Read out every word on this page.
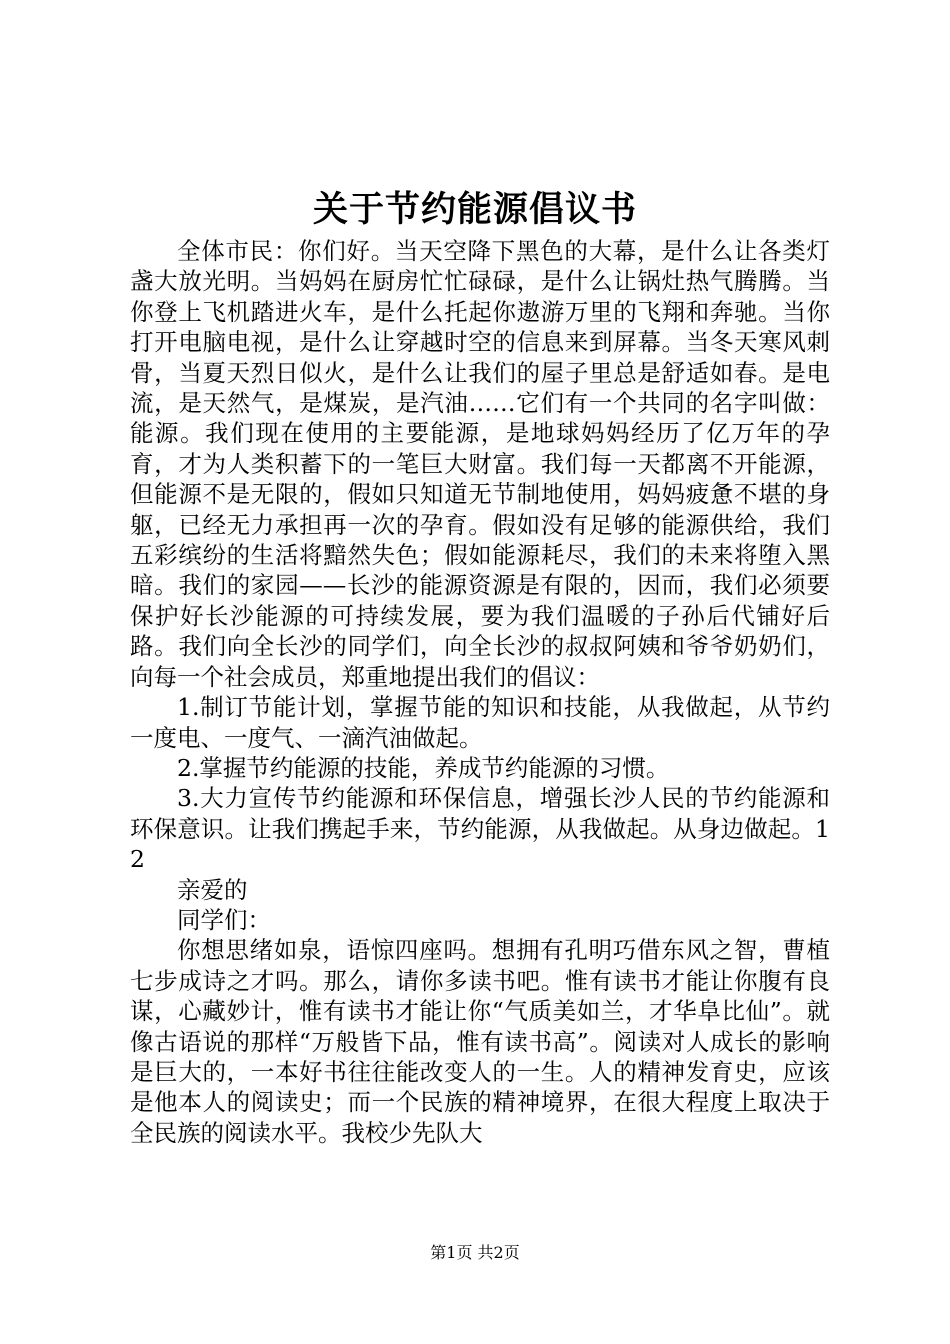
关于节约能源倡议书

全体市民：你们好。当天空降下黑色的大幕，是什么让各类灯盏大放光明。当妈妈在厨房忙忙碌碌，是什么让锅灶热气腾腾。当你登上飞机踏进火车，是什么托起你遨游万里的飞翔和奔驰。当你打开电脑电视，是什么让穿越时空的信息来到屏幕。当冬天寒风刺骨，当夏天烈日似火，是什么让我们的屋子里总是舒适如春。是电流，是天然气，是煤炭，是汽油……它们有一个共同的名字叫做：能源。我们现在使用的主要能源，是地球妈妈经历了亿万年的孕育，才为人类积蓄下的一笔巨大财富。我们每一天都离不开能源，但能源不是无限的，假如只知道无节制地使用，妈妈疲惫不堪的身躯，已经无力承担再一次的孕育。假如没有足够的能源供给，我们五彩缤纷的生活将黯然失色；假如能源耗尽，我们的未来将堕入黑暗。我们的家园——长沙的能源资源是有限的，因而，我们必须要保护好长沙能源的可持续发展，要为我们温暖的子孙后代铺好后路。我们向全长沙的同学们，向全长沙的叔叔阿姨和爷爷奶奶们，向每一个社会成员，郑重地提出我们的倡议：

1.制订节能计划，掌握节能的知识和技能，从我做起，从节约一度电、一度气、一滴汽油做起。

2.掌握节约能源的技能，养成节约能源的习惯。

3.大力宣传节约能源和环保信息，增强长沙人民的节约能源和环保意识。让我们携起手来，节约能源，从我做起。从身边做起。12

亲爱的

同学们：

你想思绪如泉，语惊四座吗。想拥有孔明巧借东风之智，曹植七步成诗之才吗。那么，请你多读书吧。惟有读书才能让你腹有良谋，心藏妙计，惟有读书才能让你“气质美如兰，才华阜比仙”。就像古语说的那样“万般皆下品，惟有读书高”。阅读对人成长的影响是巨大的，一本好书往往能改变人的一生。人的精神发育史，应该是他本人的阅读史；而一个民族的精神境界，在很大程度上取决于全民族的阅读水平。我校少先队大

第1页 共2页
